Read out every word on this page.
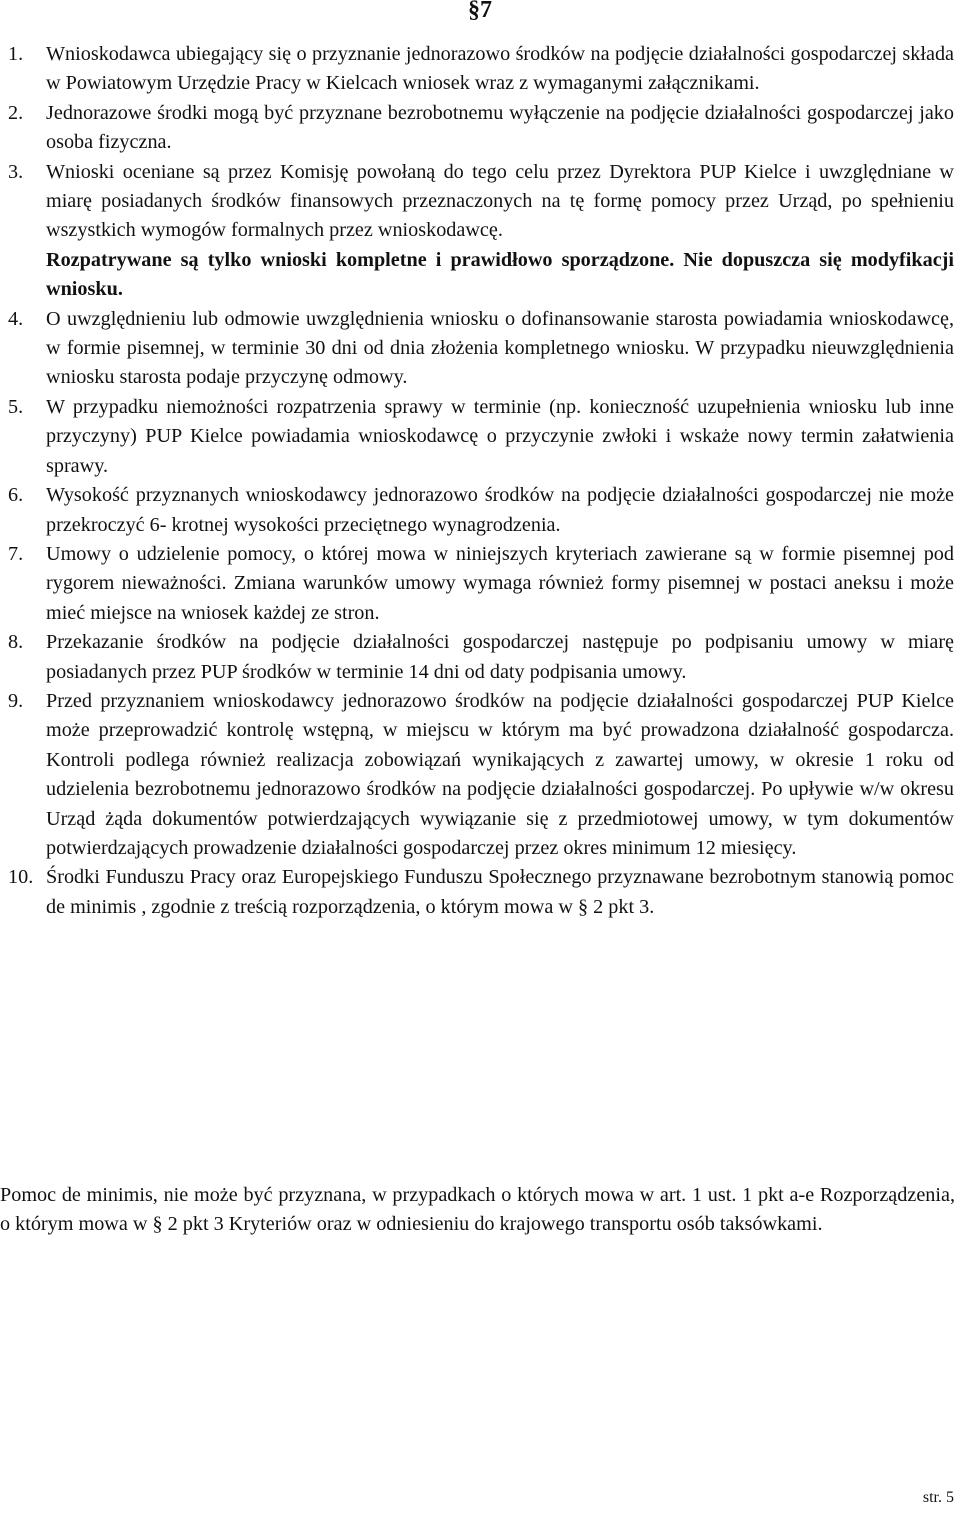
§7
1. Wnioskodawca ubiegający się o przyznanie jednorazowo środków na podjęcie działalności gospodarczej składa w Powiatowym Urzędzie Pracy w Kielcach wniosek wraz z wymaganymi załącznikami.
2. Jednorazowe środki mogą być przyznane bezrobotnemu wyłączenie na podjęcie działalności gospodarczej jako osoba fizyczna.
3. Wnioski oceniane są przez Komisję powołaną do tego celu przez Dyrektora PUP Kielce i uwzględniane w miarę posiadanych środków finansowych przeznaczonych na tę formę pomocy przez Urząd, po spełnieniu wszystkich wymogów formalnych przez wnioskodawcę.
Rozpatrywane są tylko wnioski kompletne i prawidłowo sporządzone. Nie dopuszcza się modyfikacji wniosku.
4. O uwzględnieniu lub odmowie uwzględnienia wniosku o dofinansowanie starosta powiadamia wnioskodawcę, w formie pisemnej, w terminie 30 dni od dnia złożenia kompletnego wniosku. W przypadku nieuwzględnienia wniosku starosta podaje przyczynę odmowy.
5. W przypadku niemożności rozpatrzenia sprawy w terminie (np. konieczność uzupełnienia wniosku lub inne przyczyny) PUP Kielce powiadamia wnioskodawcę o przyczynie zwłoki i wskaże nowy termin załatwienia sprawy.
6. Wysokość przyznanych wnioskodawcy jednorazowo środków na podjęcie działalności gospodarczej nie może przekroczyć 6- krotnej wysokości przeciętnego wynagrodzenia.
7. Umowy o udzielenie pomocy, o której mowa w niniejszych kryteriach zawierane są w formie pisemnej pod rygorem nieważności. Zmiana warunków umowy wymaga również formy pisemnej w postaci aneksu i może mieć miejsce na wniosek każdej ze stron.
8. Przekazanie środków na podjęcie działalności gospodarczej następuje po podpisaniu umowy w miarę posiadanych przez PUP środków w terminie 14 dni od daty podpisania umowy.
9. Przed przyznaniem wnioskodawcy jednorazowo środków na podjęcie działalności gospodarczej PUP Kielce może przeprowadzić kontrolę wstępną, w miejscu w którym ma być prowadzona działalność gospodarcza. Kontroli podlega również realizacja zobowiązań wynikających z zawartej umowy, w okresie 1 roku od udzielenia bezrobotnemu jednorazowo środków na podjęcie działalności gospodarczej. Po upływie w/w okresu Urząd żąda dokumentów potwierdzających wywiązanie się z przedmiotowej umowy, w tym dokumentów potwierdzających prowadzenie działalności gospodarczej przez okres minimum 12 miesięcy.
10. Środki Funduszu Pracy oraz Europejskiego Funduszu Społecznego przyznawane bezrobotnym stanowią pomoc de minimis , zgodnie z treścią rozporządzenia, o którym mowa w § 2 pkt 3.

Pomoc de minimis, nie może być przyznana, w przypadkach o których mowa w art. 1 ust. 1 pkt a-e Rozporządzenia, o którym mowa w § 2 pkt 3 Kryteriów oraz w odniesieniu do krajowego transportu osób taksówkami.

str. 5
